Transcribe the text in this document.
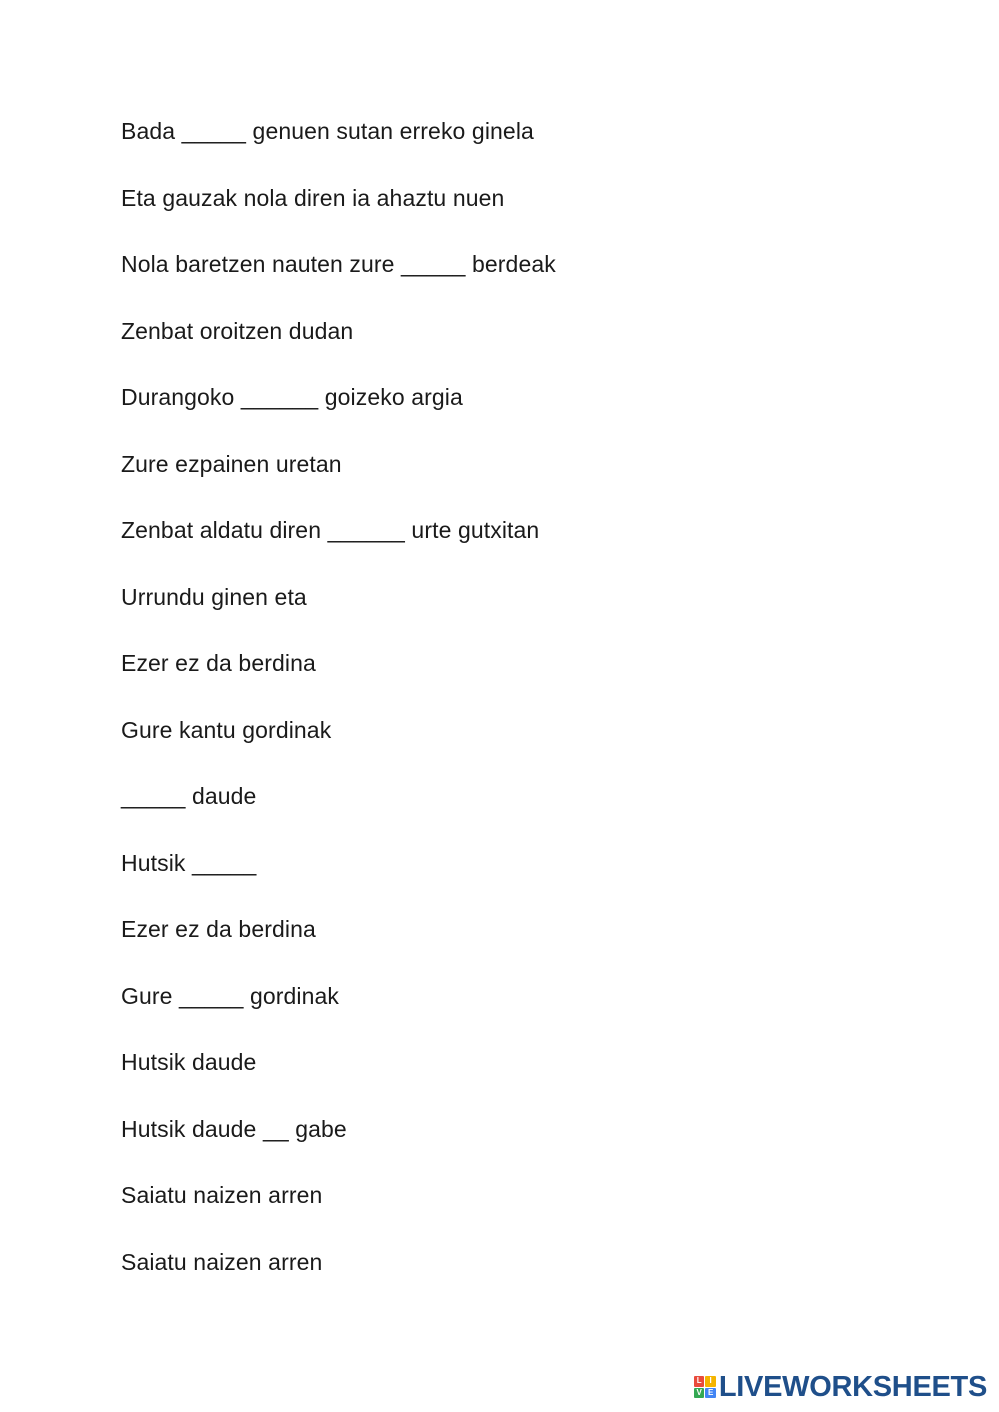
Bada _____ genuen sutan erreko ginela
Eta gauzak nola diren ia ahaztu nuen
Nola baretzen nauten zure _____ berdeak
Zenbat oroitzen dudan
Durangoko ______ goizeko argia
Zure ezpainen uretan
Zenbat aldatu diren ______ urte gutxitan
Urrundu ginen eta
Ezer ez da berdina
Gure kantu gordinak
_____ daude
Hutsik _____
Ezer ez da berdina
Gure _____ gordinak
Hutsik daude
Hutsik daude __ gabe
Saiatu naizen arren
Saiatu naizen arren
L I
V E LIVEWORKSHEETS
